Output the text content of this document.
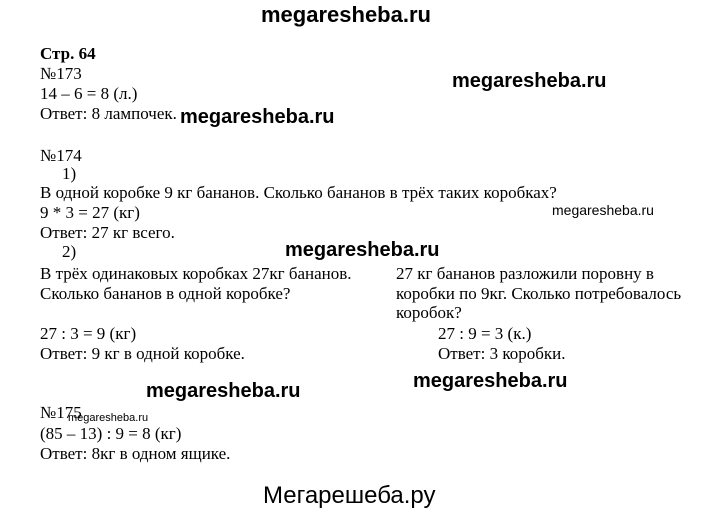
megaresheba.ru
megaresheba.ru
megaresheba.ru
megaresheba.ru
megaresheba.ru
megaresheba.ru	megaresheba.ru
megaresheba.ru
Стр. 64
№173
14 – 6 = 8 (л.)
Ответ: 8 лампочек.
№174
1)
В одной коробке 9 кг бананов. Сколько бананов в трёх таких коробках?
9 * 3 = 27 (кг)
Ответ: 27 кг всего.
2)
В трёх одинаковых коробках 27кг бананов.
Сколько бананов в одной коробке?
27 : 3 = 9 (кг)
Ответ: 9 кг в одной коробке.
27 кг бананов разложили поровну в
коробки по 9кг. Сколько потребовалось
коробок?
27 : 9 = 3 (к.)
Ответ: 3 коробки.
№175
(85 – 13) : 9 = 8 (кг)
Ответ: 8кг в одном ящике.
Мегарешеба.ру
